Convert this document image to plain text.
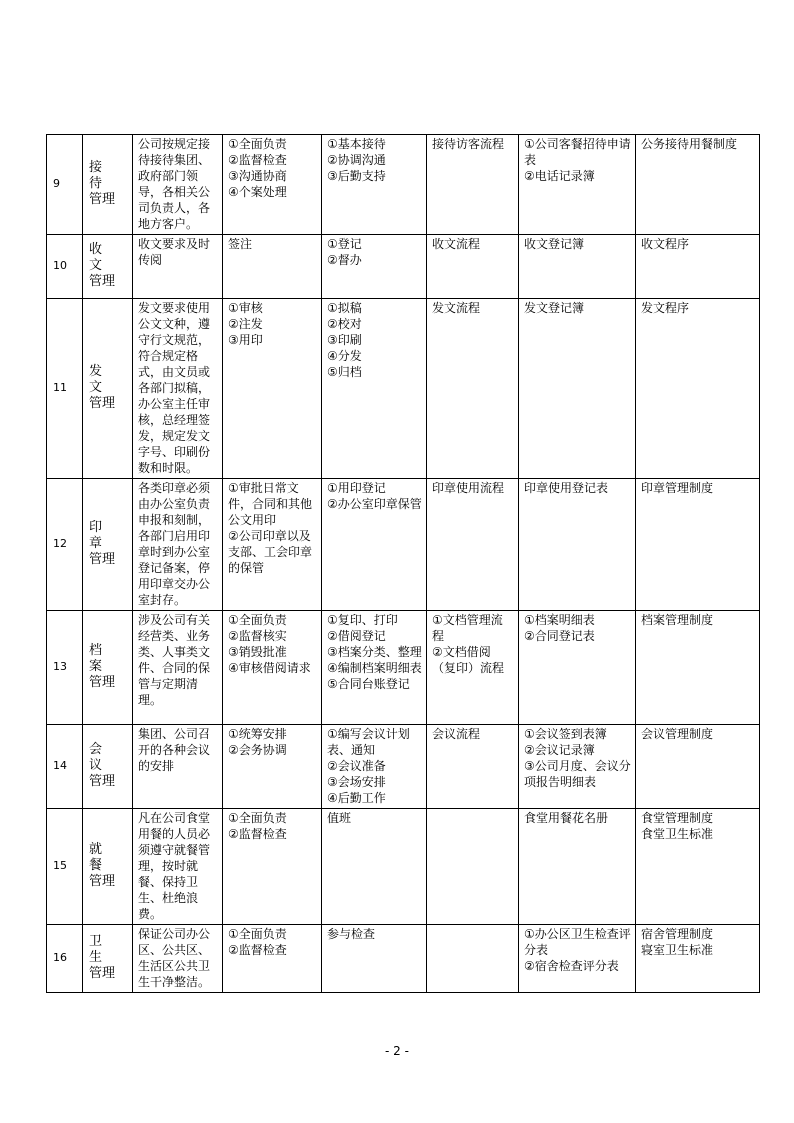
9	接待
管理	公司按规定接待接待集团、政府部门领导，各相关公司负责人，各地方客户。	①全面负责
②监督检查
③沟通协商
④个案处理	①基本接待
②协调沟通
③后勤支持	接待访客流程	①公司客餐招待申请表
②电话记录簿	公务接待用餐制度

10	收文
管理	收文要求及时传阅	签注	①登记
②督办	收文流程	收文登记簿	收文程序

11	发文
管理	发文要求使用公文文种，遵守行文规范，符合规定格式，由文员或各部门拟稿，办公室主任审核，总经理签发，规定发文字号、印刷份数和时限。	①审核
②注发
③用印	①拟稿
②校对
③印刷
④分发
⑤归档	发文流程	发文登记簿	发文程序

12	印章
管理	各类印章必须由办公室负责申报和刻制，各部门启用印章时到办公室登记备案，停用印章交办公室封存。	①审批日常文件，合同和其他公文用印
②公司印章以及支部、工会印章的保管	①用印登记
②办公室印章保管	印章使用流程	印章使用登记表	印章管理制度

13	档案
管理	涉及公司有关经营类、业务类、人事类文件、合同的保管与定期清理。	①全面负责
②监督核实
③销毁批准
④审核借阅请求	①复印、打印
②借阅登记
③档案分类、整理
④编制档案明细表
⑤合同台账登记	①文档管理流程
②文档借阅（复印）流程	①档案明细表
②合同登记表	档案管理制度

14	会议
管理	集团、公司召开的各种会议的安排	①统筹安排
②会务协调	①编写会议计划表、通知
②会议准备
③会场安排
④后勤工作	会议流程	①会议签到表簿
②会议记录簿
③公司月度、会议分项报告明细表	会议管理制度

15	就餐
管理	凡在公司食堂用餐的人员必须遵守就餐管理，按时就餐、保持卫生、杜绝浪费。	①全面负责
②监督检查	值班		食堂用餐花名册	食堂管理制度
食堂卫生标准

16	卫生
管理	保证公司办公区、公共区、生活区公共卫生干净整洁。	①全面负责
②监督检查	参与检查		①办公区卫生检查评分表
②宿舍检查评分表	宿舍管理制度
寝室卫生标准
- 2 -
